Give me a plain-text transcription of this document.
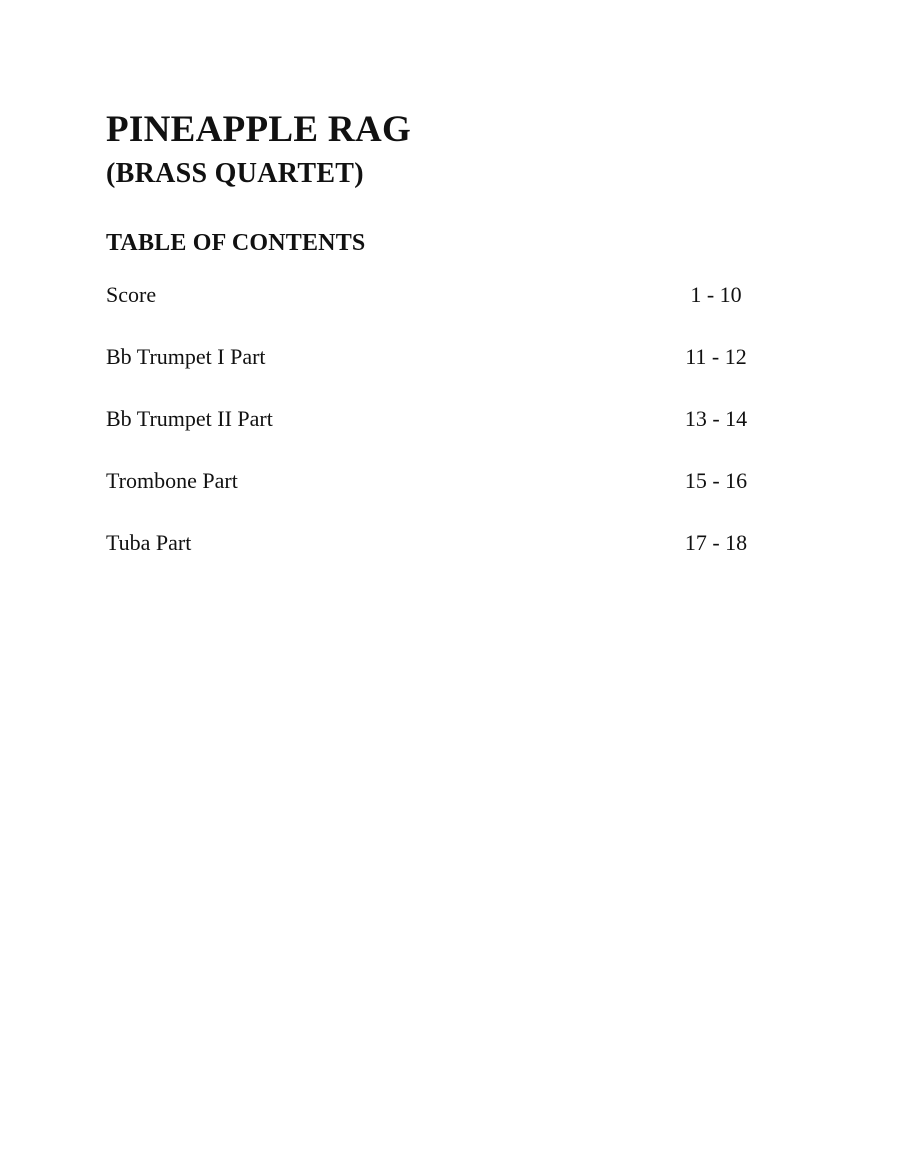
PINEAPPLE RAG
(BRASS QUARTET)
TABLE OF CONTENTS
Score	1 - 10
Bb Trumpet I Part	11 - 12
Bb Trumpet II Part	13 - 14
Trombone Part	15 - 16
Tuba Part	17 - 18
